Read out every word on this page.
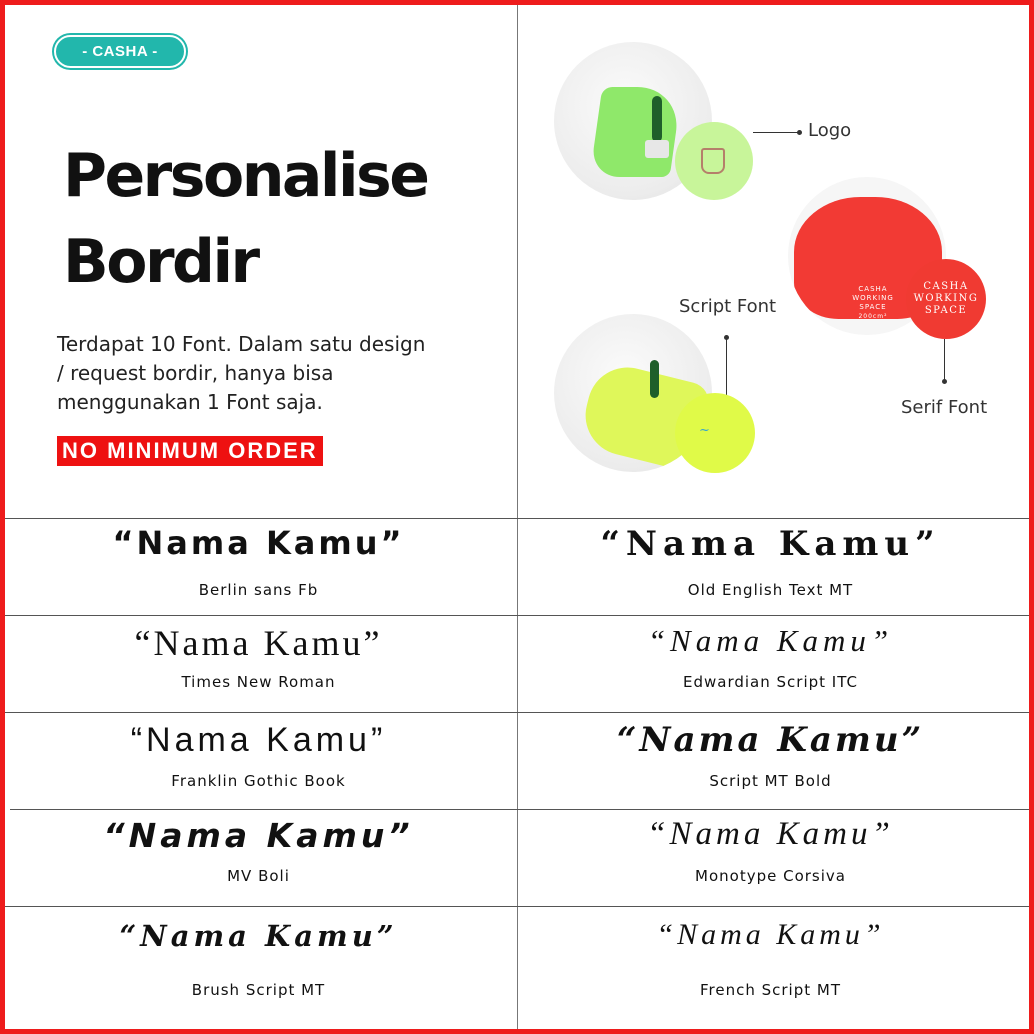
- CASHA -
Personalise
Bordir
Terdapat 10 Font. Dalam satu design / request bordir, hanya bisa menggunakan 1 Font saja.
NO MINIMUM ORDER
Logo
CASHA
WORKING
SPACE
200cm²
CASHA
WORKING
SPACE
Serif Font
Script Font
~
“Nama Kamu”
Berlin sans Fb
“Nama Kamu”
Old English Text MT
“Nama Kamu”
Times New Roman
“Nama Kamu”
Edwardian Script ITC
“Nama Kamu”
Franklin Gothic Book
“Nama Kamu”
Script MT Bold
“Nama Kamu”
MV Boli
“Nama Kamu”
Monotype Corsiva
“Nama Kamu”
Brush Script MT
“Nama Kamu”
French Script MT
